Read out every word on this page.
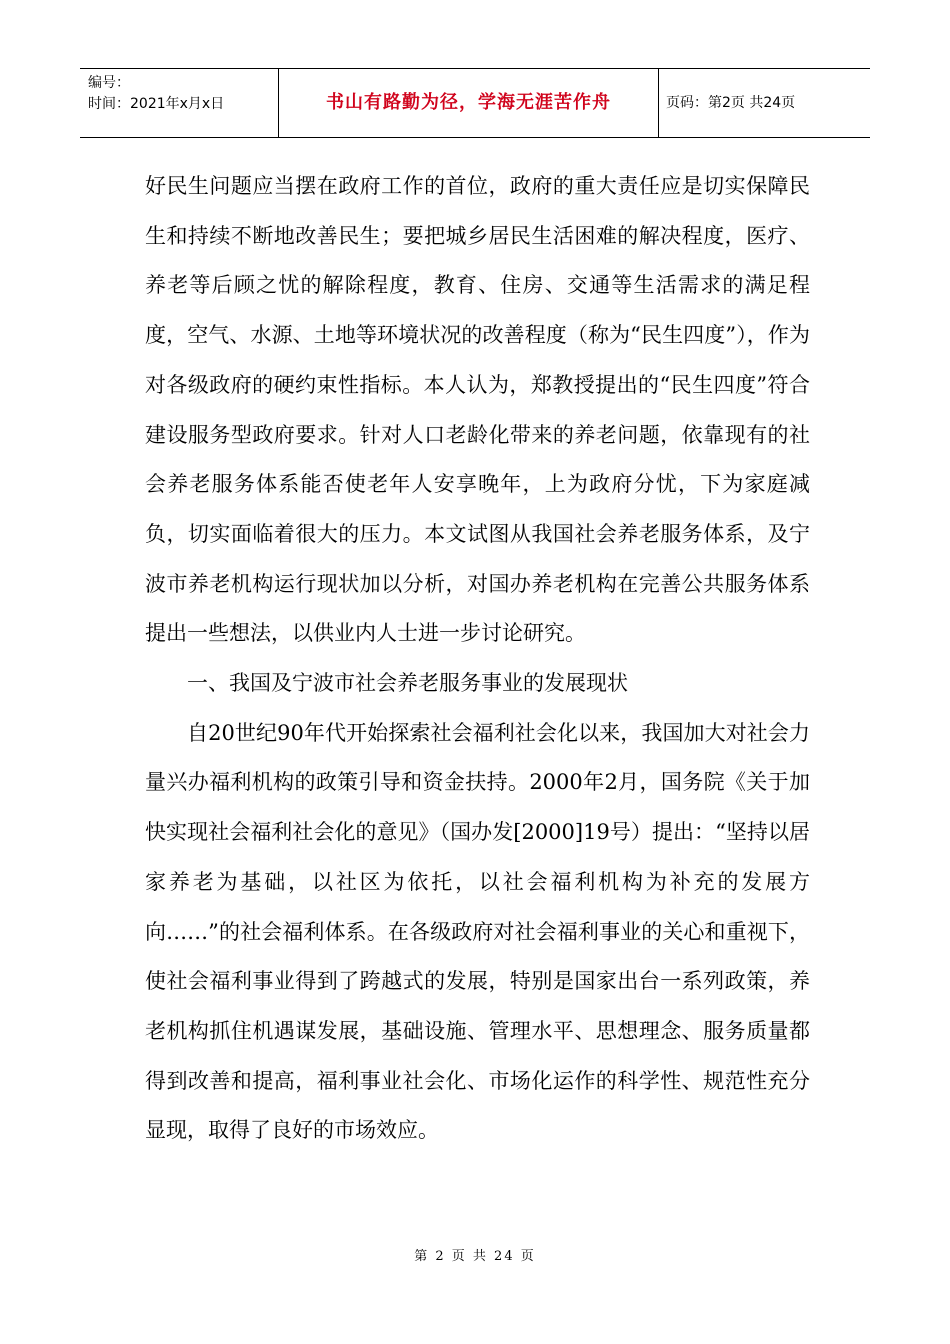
编号：
时间：2021年x月x日	书山有路勤为径，学海无涯苦作舟	页码：第2页 共24页

好民生问题应当摆在政府工作的首位，政府的重大责任应是切实保障民生和持续不断地改善民生；要把城乡居民生活困难的解决程度，医疗、养老等后顾之忧的解除程度，教育、住房、交通等生活需求的满足程度，空气、水源、土地等环境状况的改善程度（称为“民生四度”），作为对各级政府的硬约束性指标。本人认为，郑教授提出的“民生四度”符合建设服务型政府要求。针对人口老龄化带来的养老问题，依靠现有的社会养老服务体系能否使老年人安享晚年，上为政府分忧，下为家庭减负，切实面临着很大的压力。本文试图从我国社会养老服务体系，及宁波市养老机构运行现状加以分析，对国办养老机构在完善公共服务体系提出一些想法，以供业内人士进一步讨论研究。

一、我国及宁波市社会养老服务事业的发展现状

自20世纪90年代开始探索社会福利社会化以来，我国加大对社会力量兴办福利机构的政策引导和资金扶持。2000年2月，国务院《关于加快实现社会福利社会化的意见》（国办发[2000]19号）提出：“坚持以居家养老为基础，以社区为依托，以社会福利机构为补充的发展方向……”的社会福利体系。在各级政府对社会福利事业的关心和重视下，使社会福利事业得到了跨越式的发展，特别是国家出台一系列政策，养老机构抓住机遇谋发展，基础设施、管理水平、思想理念、服务质量都得到改善和提高，福利事业社会化、市场化运作的科学性、规范性充分显现，取得了良好的市场效应。

第 2 页 共 24 页
